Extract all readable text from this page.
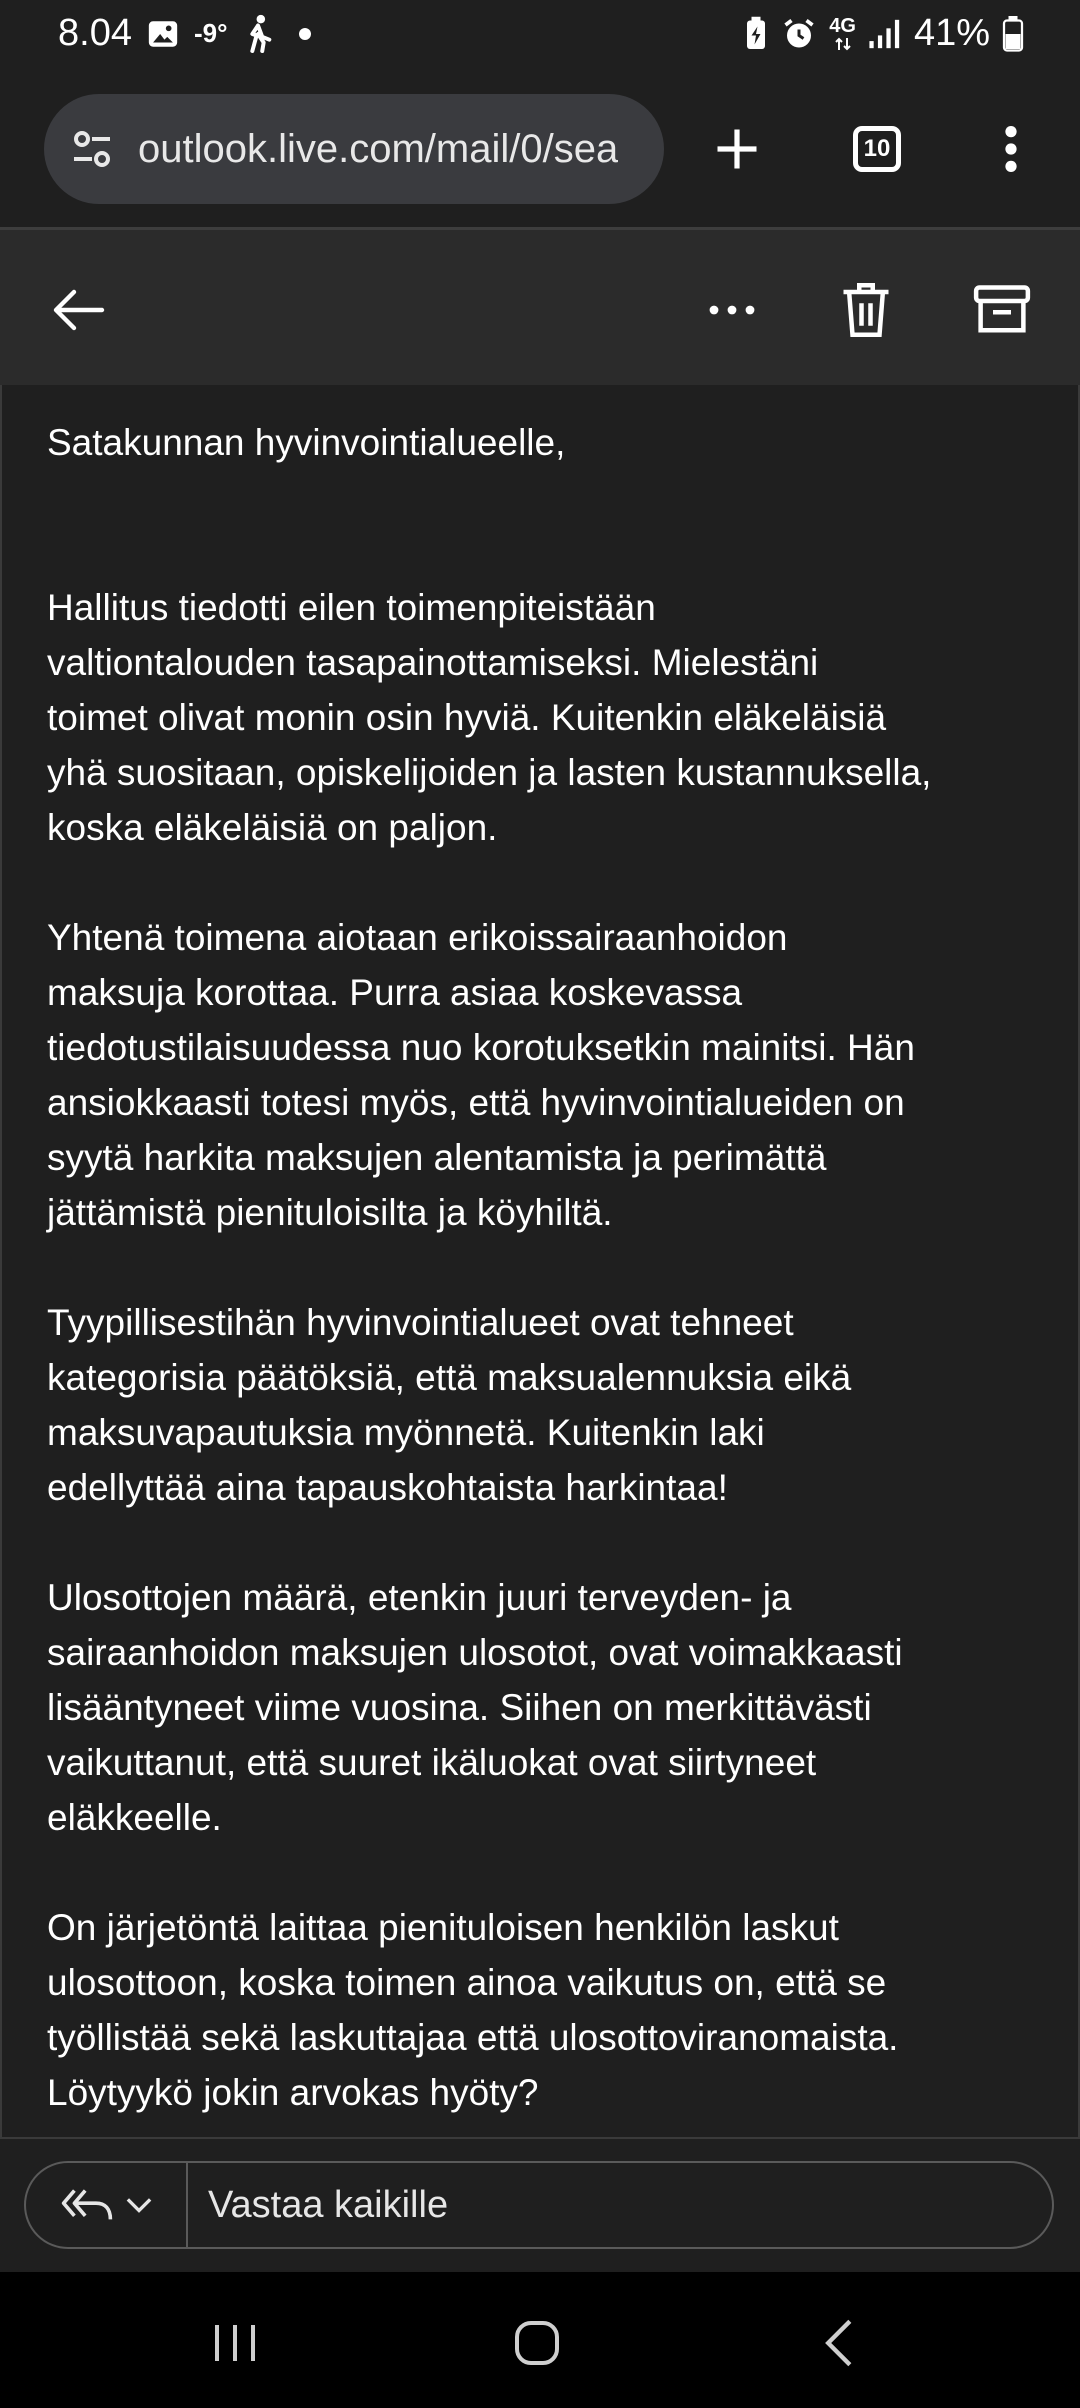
8.04 -9°	4G 41%
outlook.live.com/mail/0/sea	10

Satakunnan hyvinvointialueelle,

Hallitus tiedotti eilen toimenpiteistään
valtiontalouden tasapainottamiseksi. Mielestäni
toimet olivat monin osin hyviä. Kuitenkin eläkeläisiä
yhä suositaan, opiskelijoiden ja lasten kustannuksella,
koska eläkeläisiä on paljon.

Yhtenä toimena aiotaan erikoissairaanhoidon
maksuja korottaa. Purra asiaa koskevassa
tiedotustilaisuudessa nuo korotuksetkin mainitsi. Hän
ansiokkaasti totesi myös, että hyvinvointialueiden on
syytä harkita maksujen alentamista ja perimättä
jättämistä pienituloisilta ja köyhiltä.

Tyypillisestihän hyvinvointialueet ovat tehneet
kategorisia päätöksiä, että maksualennuksia eikä
maksuvapautuksia myönnetä. Kuitenkin laki
edellyttää aina tapauskohtaista harkintaa!

Ulosottojen määrä, etenkin juuri terveyden- ja
sairaanhoidon maksujen ulosotot, ovat voimakkaasti
lisääntyneet viime vuosina. Siihen on merkittävästi
vaikuttanut, että suuret ikäluokat ovat siirtyneet
eläkkeelle.

On järjetöntä laittaa pienituloisen henkilön laskut
ulosottoon, koska toimen ainoa vaikutus on, että se
työllistää sekä laskuttajaa että ulosottoviranomaista.
Löytyykö jokin arvokas hyöty?

Vastaa kaikille
